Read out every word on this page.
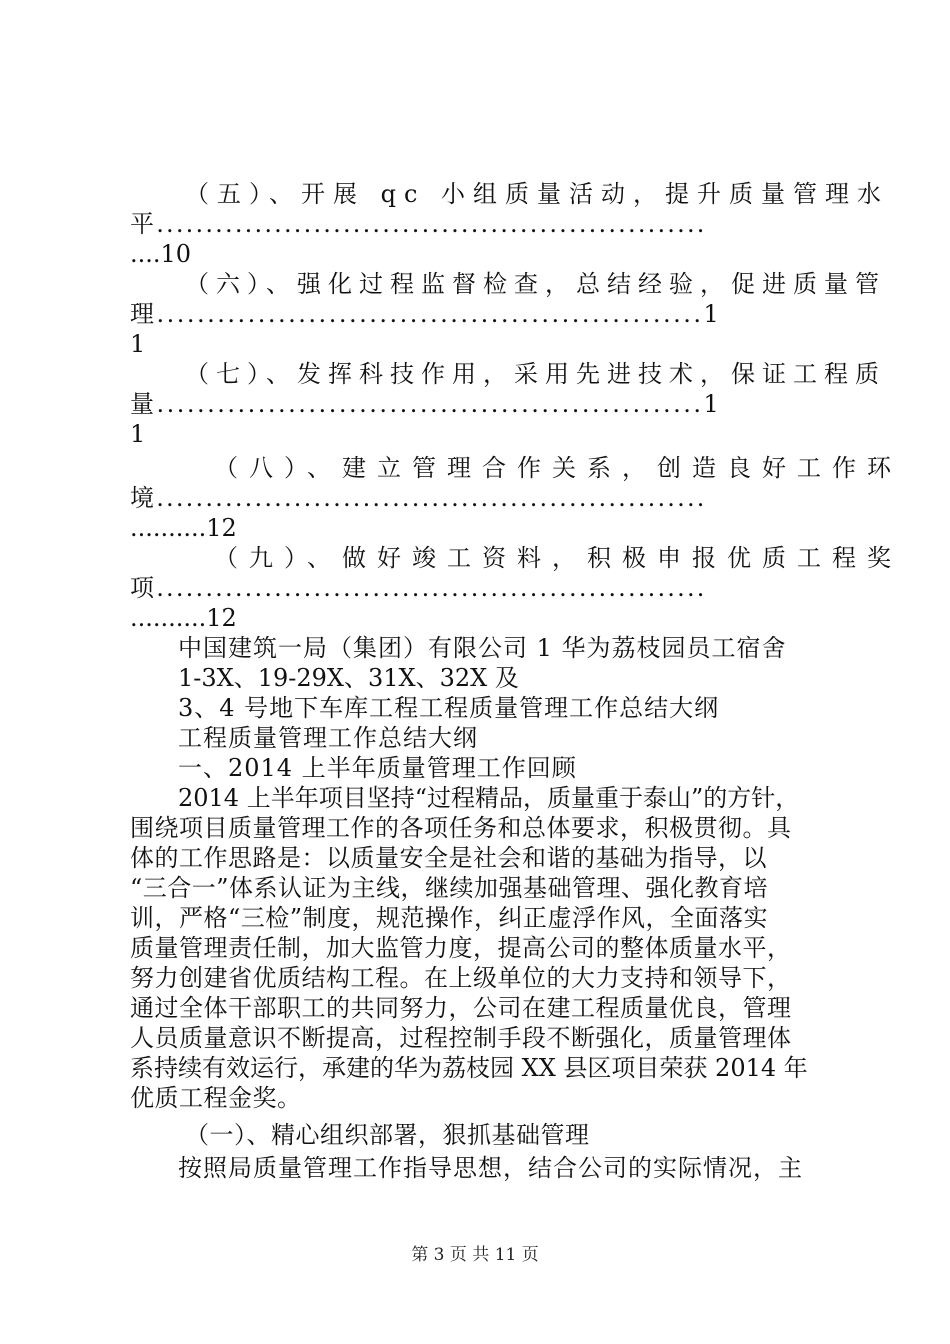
（五）、开展 qc 小组质量活动，提升质量管理水
平........................................................
....10
（六）、强化过程监督检查，总结经验，促进质量管
理......................................................1
1
（七）、发挥科技作用，采用先进技术，保证工程质
量......................................................1
1
（八）、建立管理合作关系，创造良好工作环
境........................................................
..........12
（九）、做好竣工资料，积极申报优质工程奖
项........................................................
..........12
中国建筑一局（集团）有限公司 1 华为荔枝园员工宿舍
1-3X、19-29X、31X、32X 及
3、4 号地下车库工程工程质量管理工作总结大纲
工程质量管理工作总结大纲
一、2014 上半年质量管理工作回顾
2014 上半年项目坚持“过程精品，质量重于泰山”的方针，
围绕项目质量管理工作的各项任务和总体要求，积极贯彻。具
体的工作思路是：以质量安全是社会和谐的基础为指导，以
“三合一”体系认证为主线，继续加强基础管理、强化教育培
训，严格“三检”制度，规范操作，纠正虚浮作风，全面落实
质量管理责任制，加大监管力度，提高公司的整体质量水平，
努力创建省优质结构工程。在上级单位的大力支持和领导下，
通过全体干部职工的共同努力，公司在建工程质量优良，管理
人员质量意识不断提高，过程控制手段不断强化，质量管理体
系持续有效运行，承建的华为荔枝园 XX 县区项目荣获 2014 年
优质工程金奖。
（一）、精心组织部署，狠抓基础管理
按照局质量管理工作指导思想，结合公司的实际情况，主
第 3 页 共 11 页
